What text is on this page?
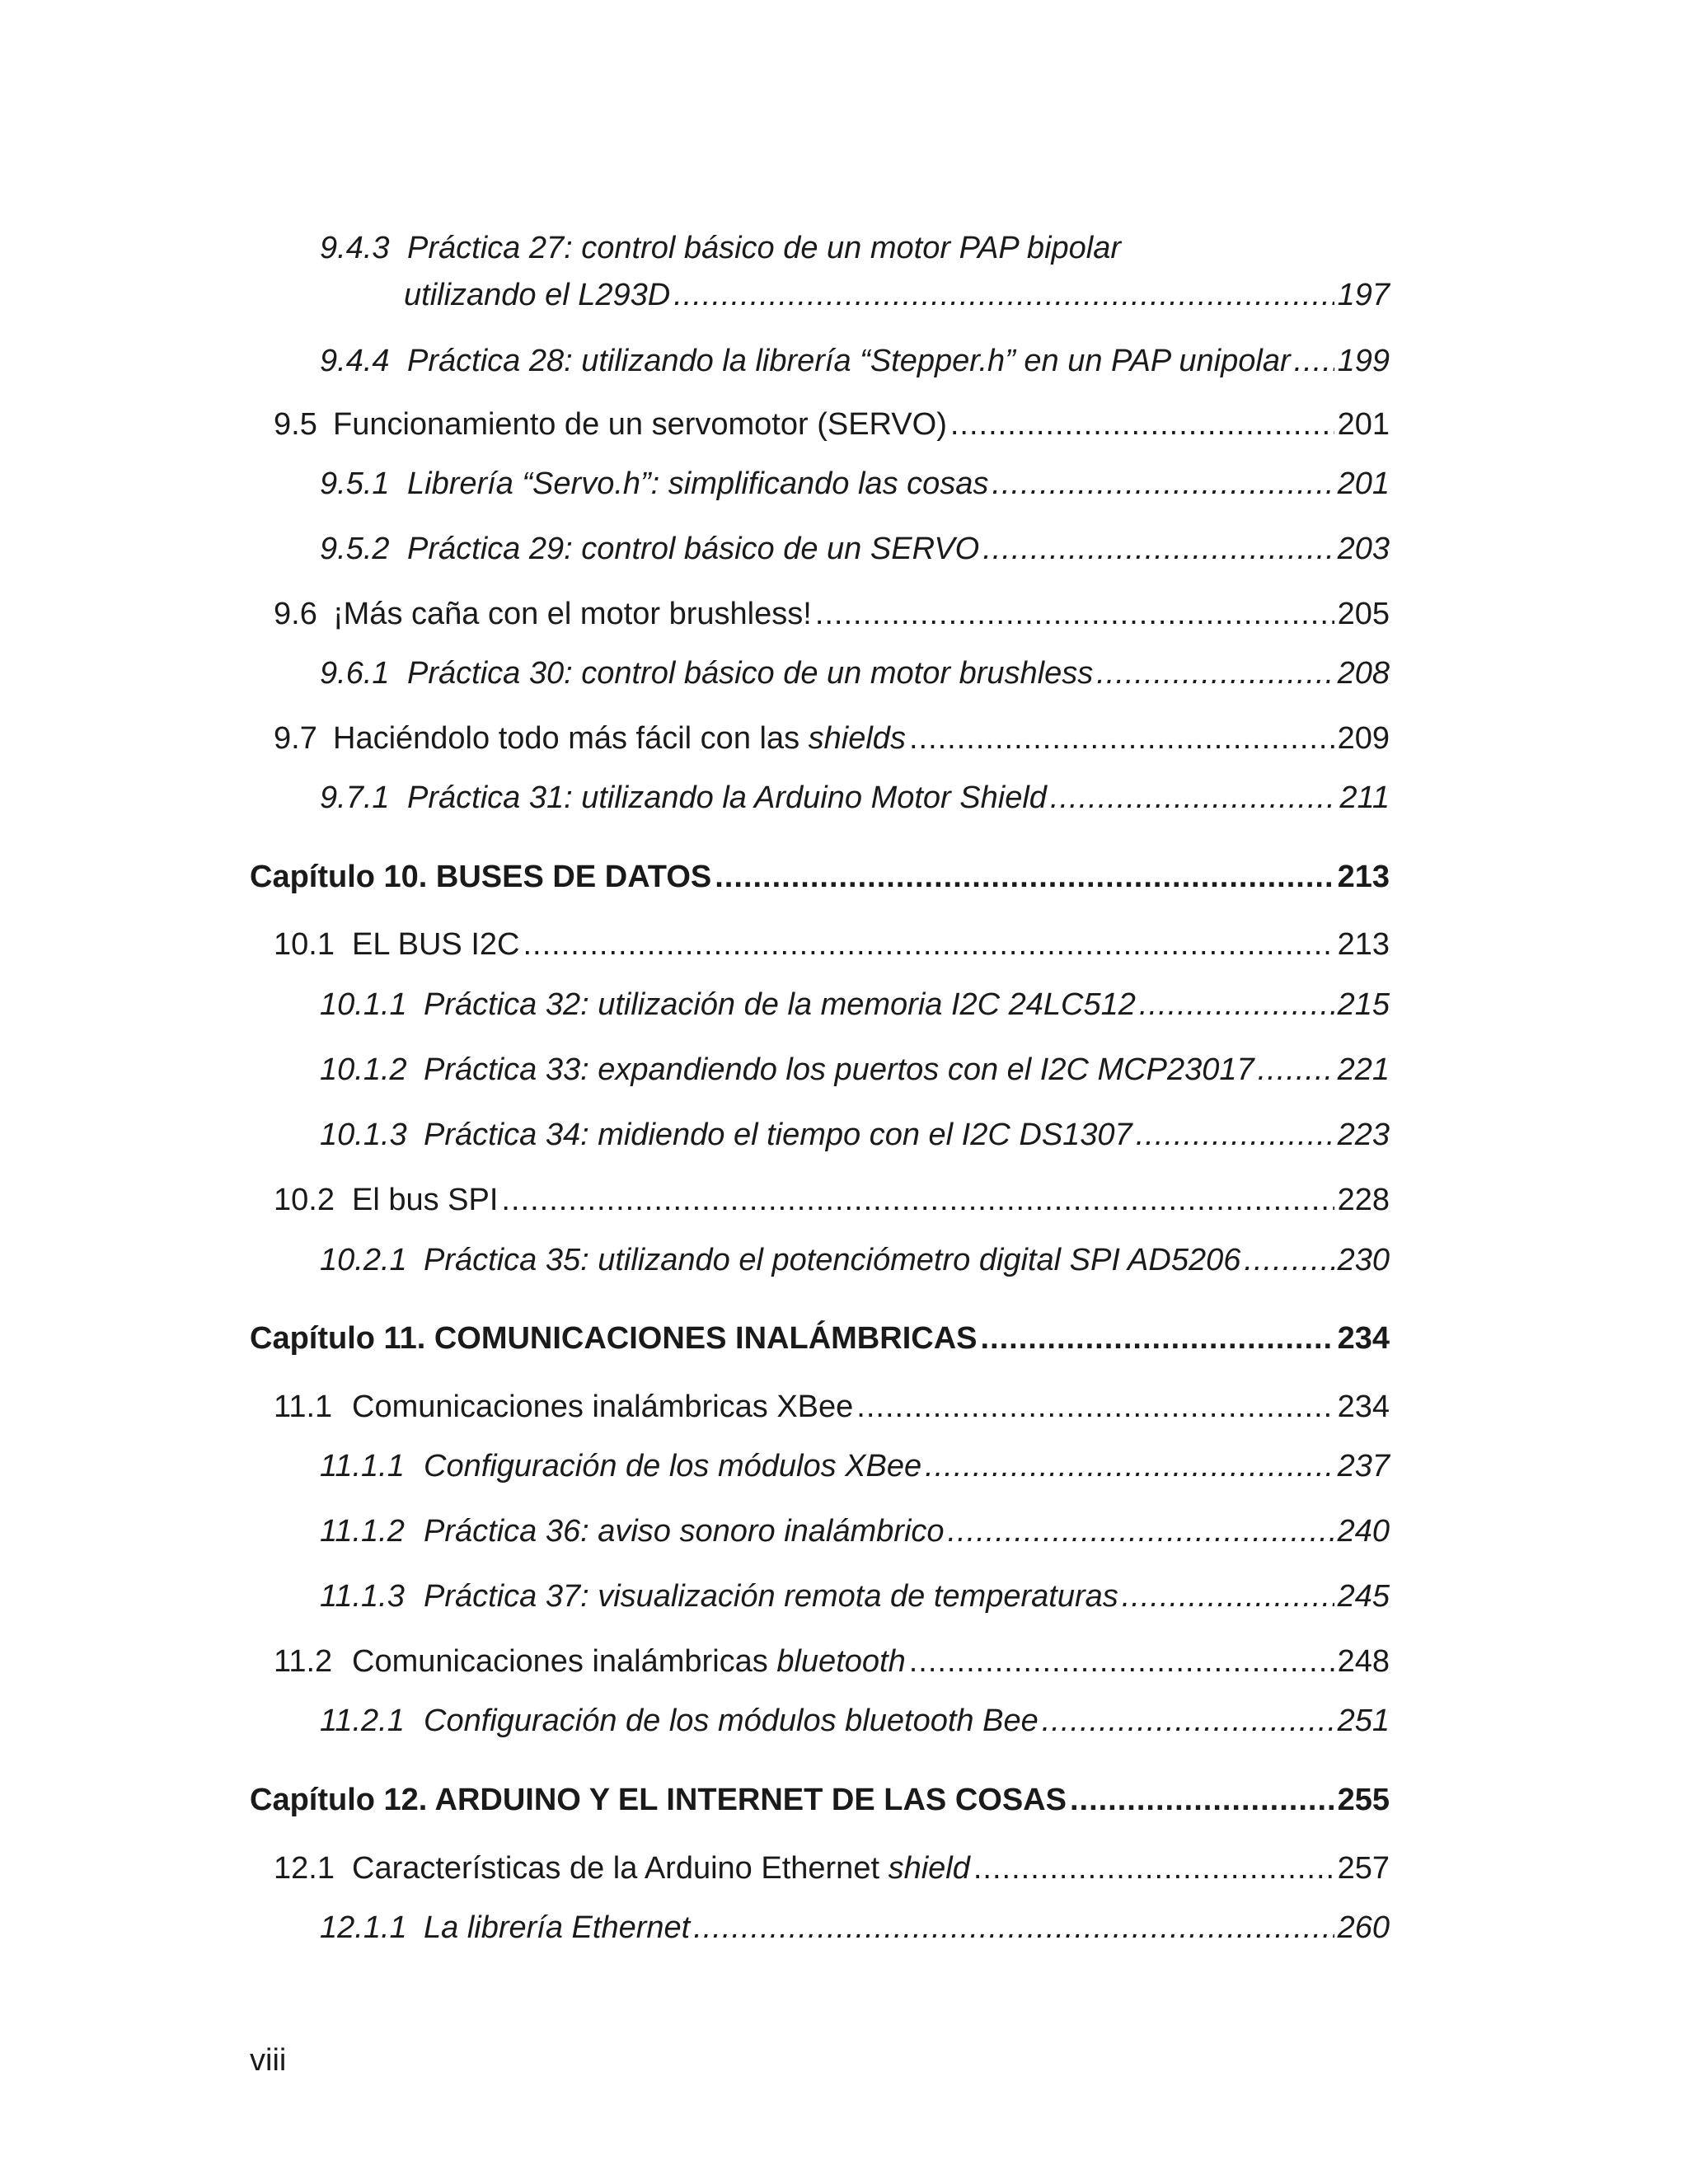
9.4.3 Práctica 27: control básico de un motor PAP bipolar
utilizando el L293D .....	197
9.4.4 Práctica 28: utilizando la librería “Stepper.h” en un PAP unipolar ..... 199
9.5 Funcionamiento de un servomotor (SERVO) .....	201
9.5.1 Librería “Servo.h”: simplificando las cosas .....	201
9.5.2 Práctica 29: control básico de un SERVO .....	203
9.6 ¡Más caña con el motor brushless! .....	205
9.6.1 Práctica 30: control básico de un motor brushless .....	208
9.7 Haciéndolo todo más fácil con las shields .....	209
9.7.1 Práctica 31: utilizando la Arduino Motor Shield .....	211
Capítulo 10. BUSES DE DATOS .....	213
10.1 EL BUS I2C .....	213
10.1.1 Práctica 32: utilización de la memoria I2C 24LC512 .....	215
10.1.2 Práctica 33: expandiendo los puertos con el I2C MCP23017 .....	221
10.1.3 Práctica 34: midiendo el tiempo con el I2C DS1307 .....	223
10.2 El bus SPI .....	228
10.2.1 Práctica 35: utilizando el potenciómetro digital SPI AD5206 .....	230
Capítulo 11. COMUNICACIONES INALÁMBRICAS .....	234
11.1 Comunicaciones inalámbricas XBee .....	234
11.1.1 Configuración de los módulos XBee .....	237
11.1.2 Práctica 36: aviso sonoro inalámbrico .....	240
11.1.3 Práctica 37: visualización remota de temperaturas .....	245
11.2 Comunicaciones inalámbricas bluetooth .....	248
11.2.1 Configuración de los módulos bluetooth Bee .....	251
Capítulo 12. ARDUINO Y EL INTERNET DE LAS COSAS .....	255
12.1 Características de la Arduino Ethernet shield .....	257
12.1.1 La librería Ethernet .....	260
viii
